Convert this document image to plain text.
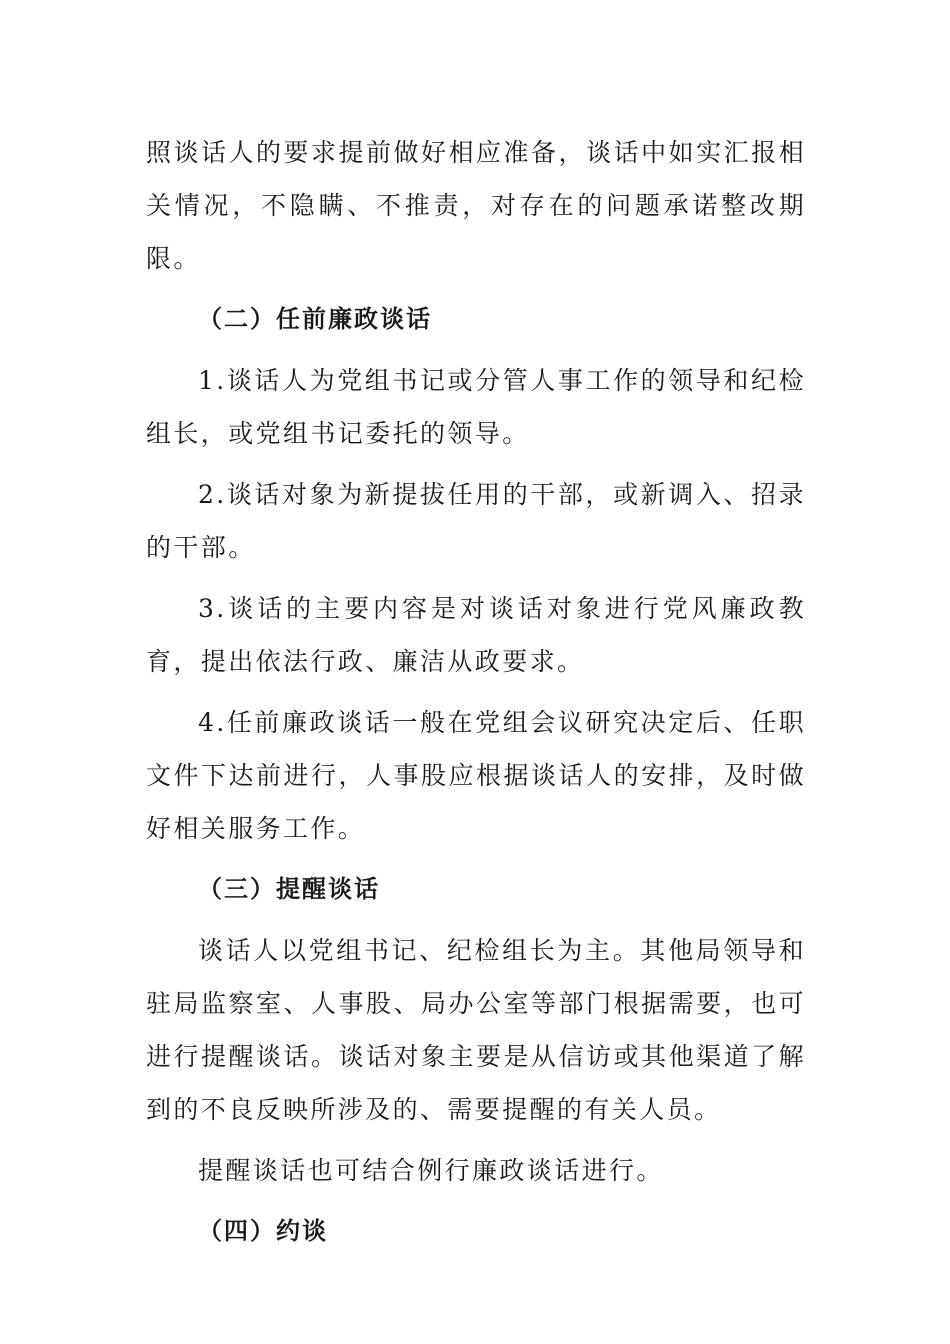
照谈话人的要求提前做好相应准备，谈话中如实汇报相关情况，不隐瞒、不推责，对存在的问题承诺整改期限。

（二）任前廉政谈话

1.谈话人为党组书记或分管人事工作的领导和纪检组长，或党组书记委托的领导。

2.谈话对象为新提拔任用的干部，或新调入、招录的干部。

3.谈话的主要内容是对谈话对象进行党风廉政教育，提出依法行政、廉洁从政要求。

4.任前廉政谈话一般在党组会议研究决定后、任职文件下达前进行，人事股应根据谈话人的安排，及时做好相关服务工作。

（三）提醒谈话

谈话人以党组书记、纪检组长为主。其他局领导和驻局监察室、人事股、局办公室等部门根据需要，也可进行提醒谈话。谈话对象主要是从信访或其他渠道了解到的不良反映所涉及的、需要提醒的有关人员。

提醒谈话也可结合例行廉政谈话进行。

（四）约谈
